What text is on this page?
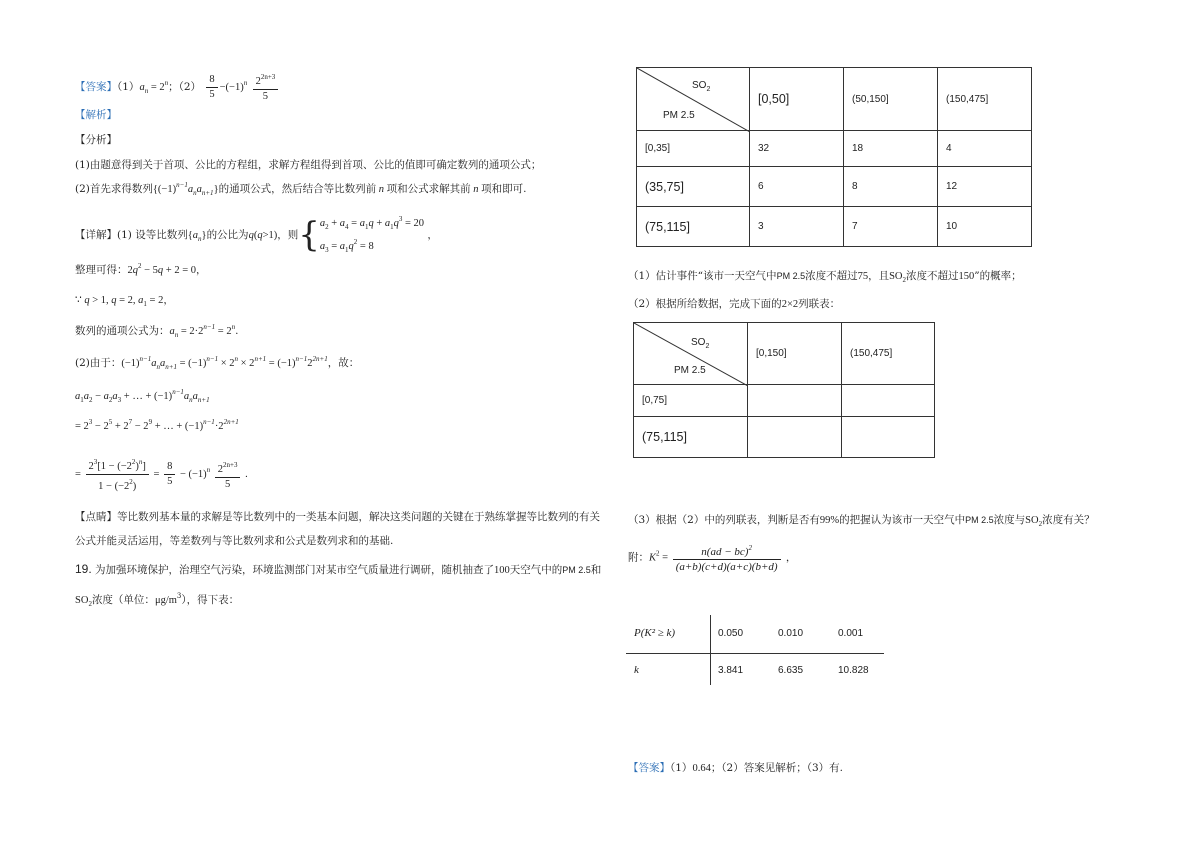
【答案】$(1)a_n = 2^n$；$(2) \frac{8}{5} -(-1)^n \frac{2^{2n+3}}{5}$
【解析】
【分析】
(1)由题意得到关于首项、公比的方程组，求解方程组得到首项、公比的值即可确定数列的通项公式；
(2)首先求得数列$\{(-1)^{n-1}a_na_{n+1}\}$的通项公式，然后结合等比数列前 n 项和公式求解其前 n 项和即可.
【详解】(1) 设等比数列$\{a_n\}$的公比为q(q>1)，则{$a_2 + a_4 = a_1q + a_1q^3 = 20$
$a_3 = a_1q^2 = 8$ ，
整理可得：$2q^2 - 5q + 2 = 0$，
∵ q > 1, q = 2, $a_1 = 2$，
数列的通项公式为：$a_n = 2\cdot 2^{n-1} = 2^n$.
(2)由于：$(-1)^{n-1}a_na_{n+1} = (-1)^{n-1} \times 2^n \times 2^{n+1} = (-1)^{n-1}2^{2n+1}$，故：
$a_1a_2 - a_2a_3$ + … + $(-1)^{n-1}a_na_{n+1}$
= $2^3 - 2^5 + 2^7 - 2^9$ + … + $(-1)^{n-1}\cdot 2^{2n+1}$
= $\frac{2^3[1 - (-2^2)^n]}{1 - (-2^2)} = \frac{8}{5} - (-1)^n \frac{2^{2n+3}}{5}$ .
【点睛】等比数列基本量的求解是等比数列中的一类基本问题，解决这类问题的关键在于熟练掌握等比数列的有关
公式并能灵活运用，等差数列与等比数列求和公式是数列求和的基础.
19. 为加强环境保护，治理空气污染，环境监测部门对某市空气质量进行调研，随机抽查了100天空气中的PM 2.5和
$SO_2$浓度（单位：$\mu g/m^3$），得下表：
$SO_2$
PM 2.5	[0,50]	(50,150]	(150,475]
[0,35]	32	18	4
(35,75]	6	8	12
(75,115]	3	7	10
（1）估计事件“该市一天空气中PM 2.5浓度不超过75，且$SO_2$浓度不超过150”的概率；
（2）根据所给数据，完成下面的2×2列联表：
$SO_2$
PM 2.5	[0,150]	(150,475]
[0,75]		
(75,115]		
（3）根据（2）中的列联表，判断是否有99%的把握认为该市一天空气中PM 2.5浓度与$SO_2$浓度有关？
附：$K^2 = \frac{n(ad - bc)^2}{(a+b)(c+d)(a+c)(b+d)}$ ，
P(K² ≥ k)	0.050	0.010	0.001
k	3.841	6.635	10.828
【答案】（1）0.64；（2）答案见解析；（3）有.
